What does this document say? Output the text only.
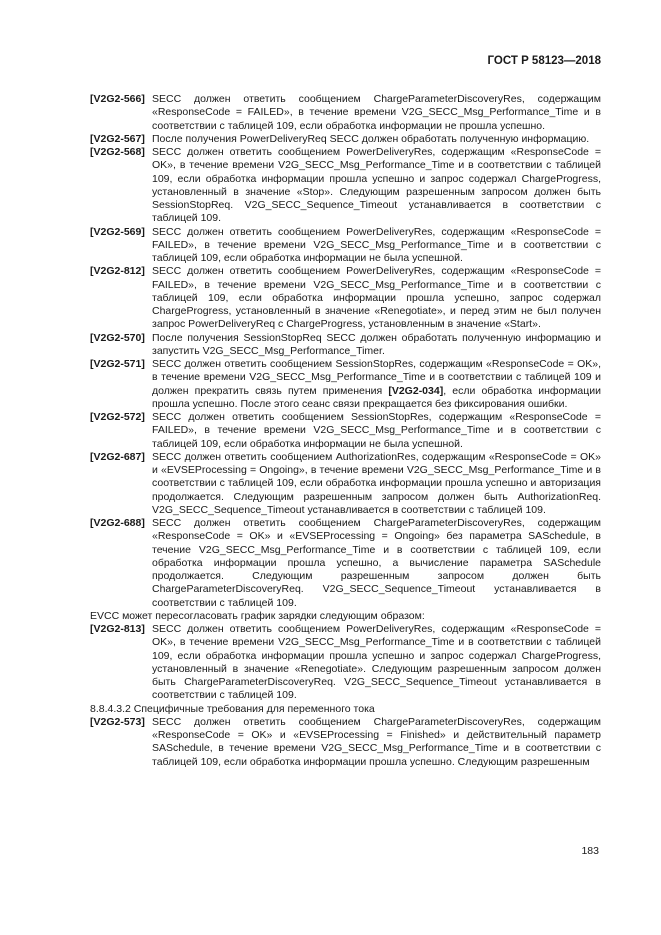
ГОСТ Р 58123—2018
[V2G2-566] SECC должен ответить сообщением ChargeParameterDiscoveryRes, содержащим «ResponseCode = FAILED», в течение времени V2G_SECC_Msg_Performance_Time и в соответствии с таблицей 109, если обработка информации не прошла успешно.
[V2G2-567] После получения PowerDeliveryReq SECC должен обработать полученную информацию.
[V2G2-568] SECC должен ответить сообщением PowerDeliveryRes, содержащим «ResponseCode = OK», в течение времени V2G_SECC_Msg_Performance_Time и в соответствии с таблицей 109, если обработка информации прошла успешно и запрос содержал ChargeProgress, установленный в значение «Stop». Следующим разрешенным запросом должен быть SessionStopReq. V2G_SECC_Sequence_Timeout устанавливается в соответствии с таблицей 109.
[V2G2-569] SECC должен ответить сообщением PowerDeliveryRes, содержащим «ResponseCode = FAILED», в течение времени V2G_SECC_Msg_Performance_Time и в соответствии с таблицей 109, если обработка информации не была успешной.
[V2G2-812] SECC должен ответить сообщением PowerDeliveryRes, содержащим «ResponseCode = FAILED», в течение времени V2G_SECC_Msg_Performance_Time и в соответствии с таблицей 109, если обработка информации прошла успешно, запрос содержал ChargeProgress, установленный в значение «Renegotiate», и перед этим не был получен запрос PowerDeliveryReq с ChargeProgress, установленным в значение «Start».
[V2G2-570] После получения SessionStopReq SECC должен обработать полученную информацию и запустить V2G_SECC_Msg_Performance_Timer.
[V2G2-571] SECC должен ответить сообщением SessionStopRes, содержащим «ResponseCode = OK», в течение времени V2G_SECC_Msg_Performance_Time и в соответствии с таблицей 109 и должен прекратить связь путем применения [V2G2-034], если обработка информации прошла успешно. После этого сеанс связи прекращается без фиксирования ошибки.
[V2G2-572] SECC должен ответить сообщением SessionStopRes, содержащим «ResponseCode = FAILED», в течение времени V2G_SECC_Msg_Performance_Time и в соответствии с таблицей 109, если обработка информации не была успешной.
[V2G2-687] SECC должен ответить сообщением AuthorizationRes, содержащим «ResponseCode = OK» и «EVSEProcessing = Ongoing», в течение времени V2G_SECC_Msg_Performance_Time и в соответствии с таблицей 109, если обработка информации прошла успешно и авторизация продолжается. Следующим разрешенным запросом должен быть AuthorizationReq. V2G_SECC_Sequence_Timeout устанавливается в соответствии с таблицей 109.
[V2G2-688] SECC должен ответить сообщением ChargeParameterDiscoveryRes, содержащим «ResponseCode = OK» и «EVSEProcessing = Ongoing» без параметра SASchedule, в течение V2G_SECC_Msg_Performance_Time и в соответствии с таблицей 109, если обработка информации прошла успешно, а вычисление параметра SASchedule продолжается. Следующим разрешенным запросом должен быть ChargeParameterDiscoveryReq. V2G_SECC_Sequence_Timeout устанавливается в соответствии с таблицей 109.

EVCC может пересогласовать график зарядки следующим образом:

[V2G2-813] SECC должен ответить сообщением PowerDeliveryRes, содержащим «ResponseCode = OK», в течение времени V2G_SECC_Msg_Performance_Time и в соответствии с таблицей 109, если обработка информации прошла успешно и запрос содержал ChargeProgress, установленный в значение «Renegotiate». Следующим разрешенным запросом должен быть ChargeParameterDiscoveryReq. V2G_SECC_Sequence_Timeout устанавливается в соответствии с таблицей 109.

8.8.4.3.2 Специфичные требования для переменного тока

[V2G2-573] SECC должен ответить сообщением ChargeParameterDiscoveryRes, содержащим «ResponseCode = OK» и «EVSEProcessing = Finished» и действительный параметр SASchedule, в течение времени V2G_SECC_Msg_Performance_Time и в соответствии с таблицей 109, если обработка информации прошла успешно. Следующим разрешенным
183
